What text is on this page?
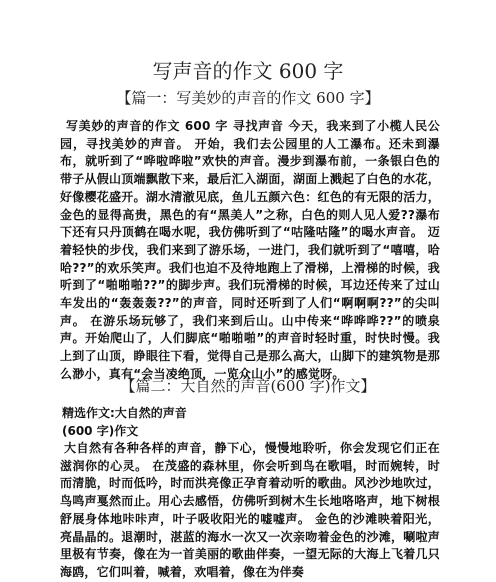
写声音的作文 600 字
【篇一：写美妙的声音的作文 600 字】

写美妙的声音的作文 600 字 寻找声音 今天，我来到了小榄人民公园，寻找美妙的声音。 开始，我们去公园里的人工瀑布。还未到瀑布，就听到了“哗啦哗啦”欢快的声音。漫步到瀑布前，一条银白色的带子从假山顶端飘散下来，最后汇入湖面，湖面上溅起了白色的水花，好像樱花盛开。湖水清澈见底，鱼儿五颜六色：红色的有无限的活力，金色的显得高贵，黑色的有“黑美人”之称，白色的则人见人爱??瀑布下还有只丹顶鹤在喝水呢，我仿佛听到了“咕隆咕隆”的喝水声音。 迈着轻快的步伐，我们来到了游乐场，一进门，我们就听到了“嘻嘻，哈哈??”的欢乐笑声。我们也迫不及待地跑上了滑梯，上滑梯的时候，我听到了“啪啪啪??”的脚步声。我们玩滑梯的时候，耳边还传来了过山车发出的“轰轰轰??”的声音，同时还听到了人们“啊啊啊??”的尖叫声。 在游乐场玩够了，我们来到后山。山中传来“哗哗哗??”的喷泉声。开始爬山了，人们脚底“啪啪啪”的声音时轻时重，时快时慢。我上到了山顶，睁眼往下看，觉得自己是那么高大，山脚下的建筑物是那么渺小，真有“会当凌绝顶，一览众山小”的感觉呀。

【篇二：大自然的声音(600 字)作文】

精选作文:大自然的声音(600 字)作文

大自然有各种各样的声音，静下心，慢慢地聆听，你会发现它们正在滋润你的心灵。 在茂盛的森林里，你会听到鸟在歌唱，时而婉转，时而清脆，时而低吟，时而洪亮像正孕育着动听的歌曲。风沙沙地吹过，鸟鸣声戛然而止。用心去感悟，仿佛听到树木生长地咯咯声，地下树根舒展身体地咔咔声，叶子吸收阳光的嘘嘘声。 金色的沙滩映着阳光，亮晶晶的。退潮时，湛蓝的海水一次又一次亲吻着金色的沙滩，唰啦声里极有节奏，像在为一首美丽的歌曲伴奏，一望无际的大海上飞着几只海鸥，它们叫着，喊着，欢唱着，像在为伴奏
